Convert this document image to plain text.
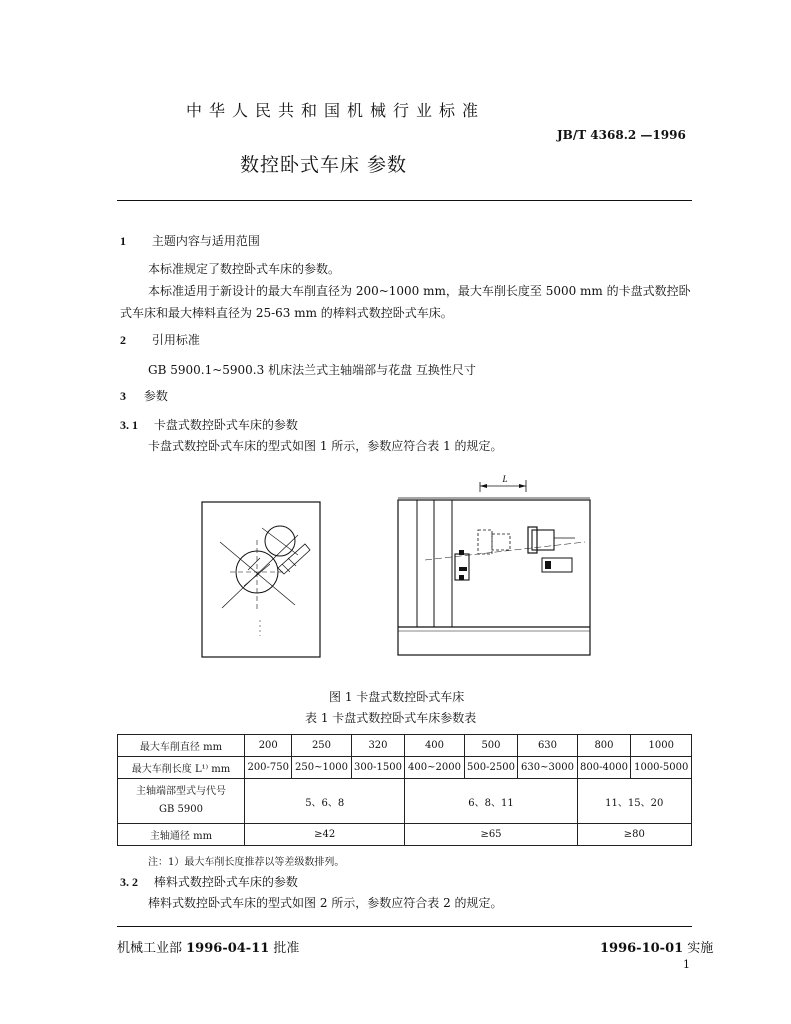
中华人民共和国机械行业标准
JB/T 4368.2 —1996
数控卧式车床 参数
1 主题内容与适用范围
本标准规定了数控卧式车床的参数。
本标准适用于新设计的最大车削直径为 200~1000 mm，最大车削长度至 5000 mm 的卡盘式数控卧
式车床和最大棒料直径为 25-63 mm 的棒料式数控卧式车床。
2 引用标准
GB 5900.1~5900.3 机床法兰式主轴端部与花盘 互换性尺寸
3 参数
3. 1 卡盘式数控卧式车床的参数
卡盘式数控卧式车床的型式如图 1 所示，参数应符合表 1 的规定。
L
图 1 卡盘式数控卧式车床
表 1 卡盘式数控卧式车床参数表
最大车削直径 mm	200	250	320	400	500	630	800	1000
最大车削长度 L¹⁾ mm	200-750	250~1000	300-1500	400~2000	500-2500	630~3000	800-4000	1000-5000

主轴端部型式与代号
GB 5900	5、6、8			6、8、11			11、15、20	
主轴通径 mm	≥42			≥65			≥80	
注：1）最大车削长度推荐以等差级数排列。
3. 2 棒料式数控卧式车床的参数
棒料式数控卧式车床的型式如图 2 所示，参数应符合表 2 的规定。
机械工业部 1996-04-11 批准	1996-10-01 实施
1
